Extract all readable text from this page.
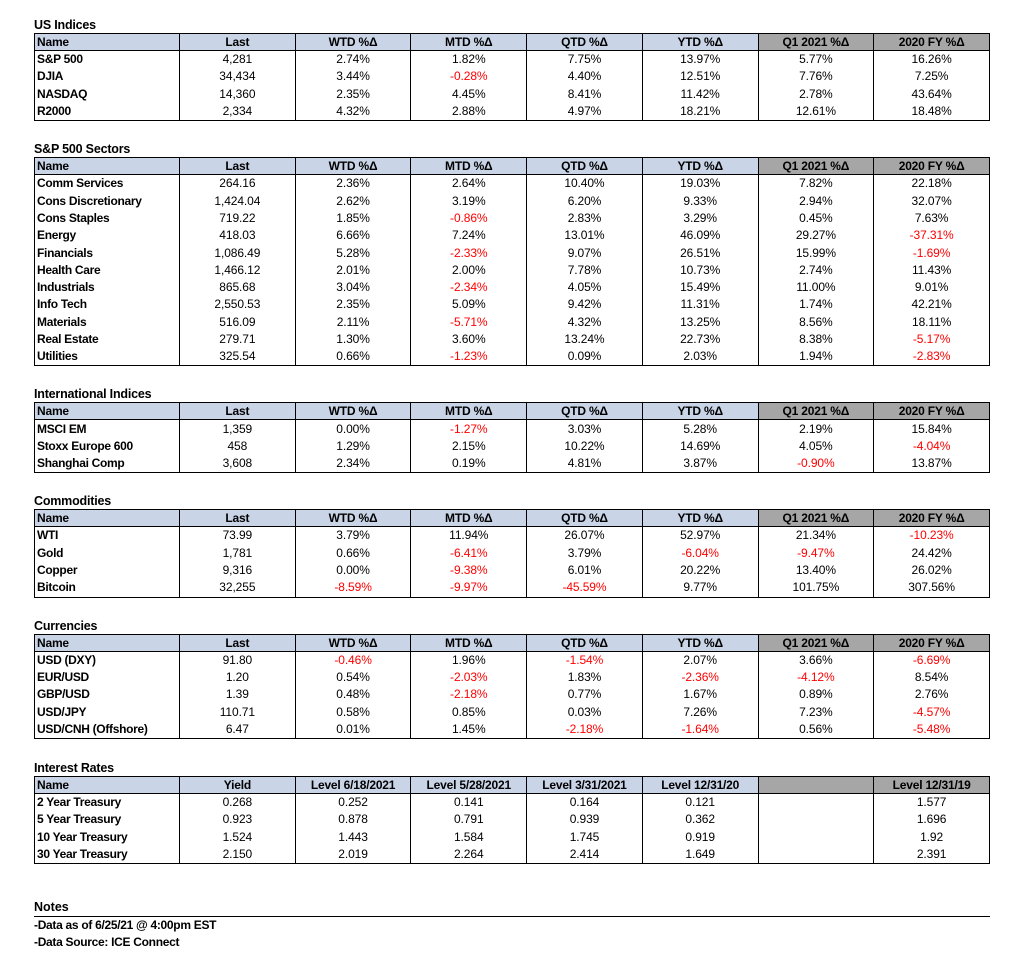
US Indices
Name	Last	WTD %Δ	MTD %Δ	QTD %Δ	YTD %Δ	Q1 2021 %Δ	2020 FY %Δ
S&P 500	4,281	2.74%	1.82%	7.75%	13.97%	5.77%	16.26%
DJIA	34,434	3.44%	-0.28%	4.40%	12.51%	7.76%	7.25%
NASDAQ	14,360	2.35%	4.45%	8.41%	11.42%	2.78%	43.64%
R2000	2,334	4.32%	2.88%	4.97%	18.21%	12.61%	18.48%
S&P 500 Sectors
Name	Last	WTD %Δ	MTD %Δ	QTD %Δ	YTD %Δ	Q1 2021 %Δ	2020 FY %Δ
Comm Services	264.16	2.36%	2.64%	10.40%	19.03%	7.82%	22.18%
Cons Discretionary	1,424.04	2.62%	3.19%	6.20%	9.33%	2.94%	32.07%
Cons Staples	719.22	1.85%	-0.86%	2.83%	3.29%	0.45%	7.63%
Energy	418.03	6.66%	7.24%	13.01%	46.09%	29.27%	-37.31%
Financials	1,086.49	5.28%	-2.33%	9.07%	26.51%	15.99%	-1.69%
Health Care	1,466.12	2.01%	2.00%	7.78%	10.73%	2.74%	11.43%
Industrials	865.68	3.04%	-2.34%	4.05%	15.49%	11.00%	9.01%
Info Tech	2,550.53	2.35%	5.09%	9.42%	11.31%	1.74%	42.21%
Materials	516.09	2.11%	-5.71%	4.32%	13.25%	8.56%	18.11%
Real Estate	279.71	1.30%	3.60%	13.24%	22.73%	8.38%	-5.17%
Utilities	325.54	0.66%	-1.23%	0.09%	2.03%	1.94%	-2.83%
International Indices
Name	Last	WTD %Δ	MTD %Δ	QTD %Δ	YTD %Δ	Q1 2021 %Δ	2020 FY %Δ
MSCI EM	1,359	0.00%	-1.27%	3.03%	5.28%	2.19%	15.84%
Stoxx Europe 600	458	1.29%	2.15%	10.22%	14.69%	4.05%	-4.04%
Shanghai Comp	3,608	2.34%	0.19%	4.81%	3.87%	-0.90%	13.87%
Commodities
Name	Last	WTD %Δ	MTD %Δ	QTD %Δ	YTD %Δ	Q1 2021 %Δ	2020 FY %Δ
WTI	73.99	3.79%	11.94%	26.07%	52.97%	21.34%	-10.23%
Gold	1,781	0.66%	-6.41%	3.79%	-6.04%	-9.47%	24.42%
Copper	9,316	0.00%	-9.38%	6.01%	20.22%	13.40%	26.02%
Bitcoin	32,255	-8.59%	-9.97%	-45.59%	9.77%	101.75%	307.56%
Currencies
Name	Last	WTD %Δ	MTD %Δ	QTD %Δ	YTD %Δ	Q1 2021 %Δ	2020 FY %Δ
USD (DXY)	91.80	-0.46%	1.96%	-1.54%	2.07%	3.66%	-6.69%
EUR/USD	1.20	0.54%	-2.03%	1.83%	-2.36%	-4.12%	8.54%
GBP/USD	1.39	0.48%	-2.18%	0.77%	1.67%	0.89%	2.76%
USD/JPY	110.71	0.58%	0.85%	0.03%	7.26%	7.23%	-4.57%
USD/CNH (Offshore)	6.47	0.01%	1.45%	-2.18%	-1.64%	0.56%	-5.48%
Interest Rates
Name	Yield	Level 6/18/2021	Level 5/28/2021	Level 3/31/2021	Level 12/31/20		Level 12/31/19
2 Year Treasury	0.268	0.252	0.141	0.164	0.121		1.577
5 Year Treasury	0.923	0.878	0.791	0.939	0.362		1.696
10 Year Treasury	1.524	1.443	1.584	1.745	0.919		1.92
30 Year Treasury	2.150	2.019	2.264	2.414	1.649		2.391
Notes
-Data as of 6/25/21 @ 4:00pm EST
-Data Source: ICE Connect
